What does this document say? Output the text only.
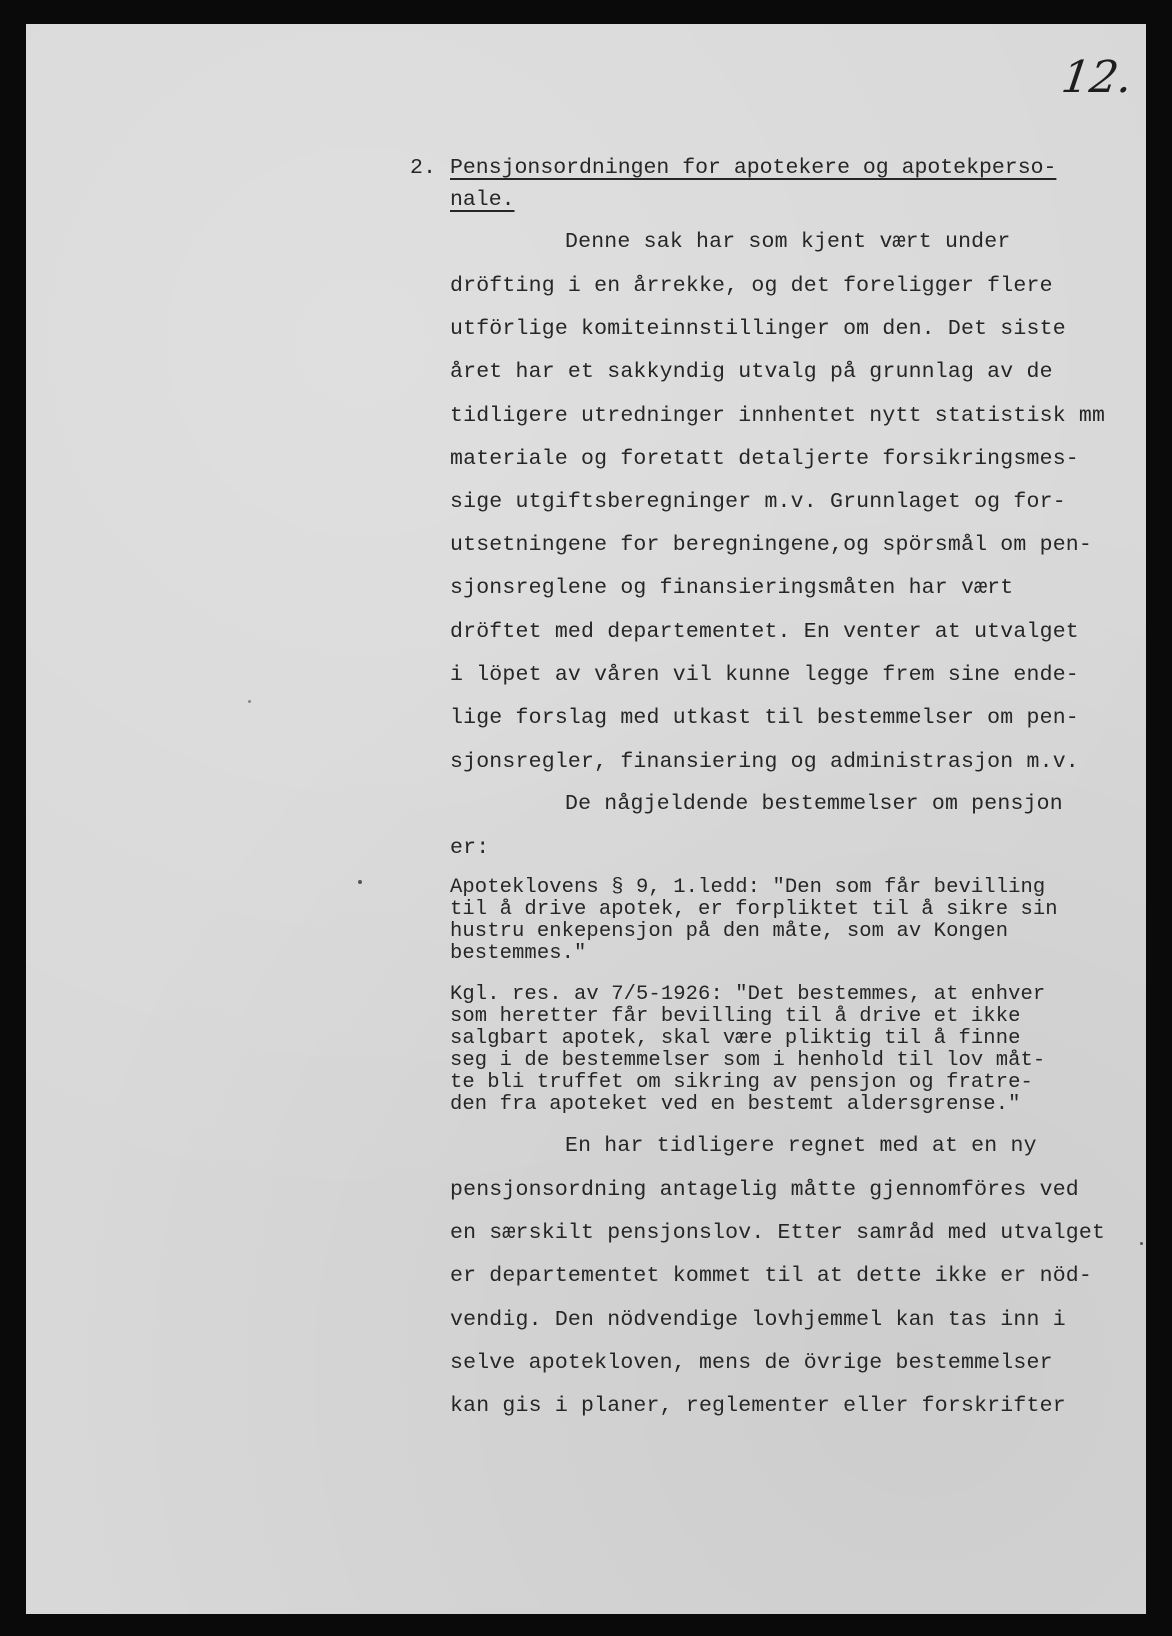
12.
2. Pensjonsordningen for apotekere og apotekperso-
nale.
Denne sak har som kjent vært under
dröfting i en årrekke, og det foreligger flere
utförlige komiteinnstillinger om den. Det siste
året har et sakkyndig utvalg på grunnlag av de
tidligere utredninger innhentet nytt statistisk mm
materiale og foretatt detaljerte forsikringsmes-
sige utgiftsberegninger m.v. Grunnlaget og for-
utsetningene for beregningene,og spörsmål om pen-
sjonsreglene og finansieringsmåten har vært
dröftet med departementet. En venter at utvalget
i löpet av våren vil kunne legge frem sine ende-
lige forslag med utkast til bestemmelser om pen-
sjonsregler, finansiering og administrasjon m.v.
De någjeldende bestemmelser om pensjon
er:
Apoteklovens § 9, 1.ledd: "Den som får bevilling
til å drive apotek, er forpliktet til å sikre sin
hustru enkepensjon på den måte, som av Kongen
bestemmes."
Kgl. res. av 7/5-1926: "Det bestemmes, at enhver
som heretter får bevilling til å drive et ikke
salgbart apotek, skal være pliktig til å finne
seg i de bestemmelser som i henhold til lov måt-
te bli truffet om sikring av pensjon og fratre-
den fra apoteket ved en bestemt aldersgrense."
En har tidligere regnet med at en ny
pensjonsordning antagelig måtte gjennomföres ved
en særskilt pensjonslov. Etter samråd med utvalget
er departementet kommet til at dette ikke er nöd-
vendig. Den nödvendige lovhjemmel kan tas inn i
selve apotekloven, mens de övrige bestemmelser
kan gis i planer, reglementer eller forskrifter
